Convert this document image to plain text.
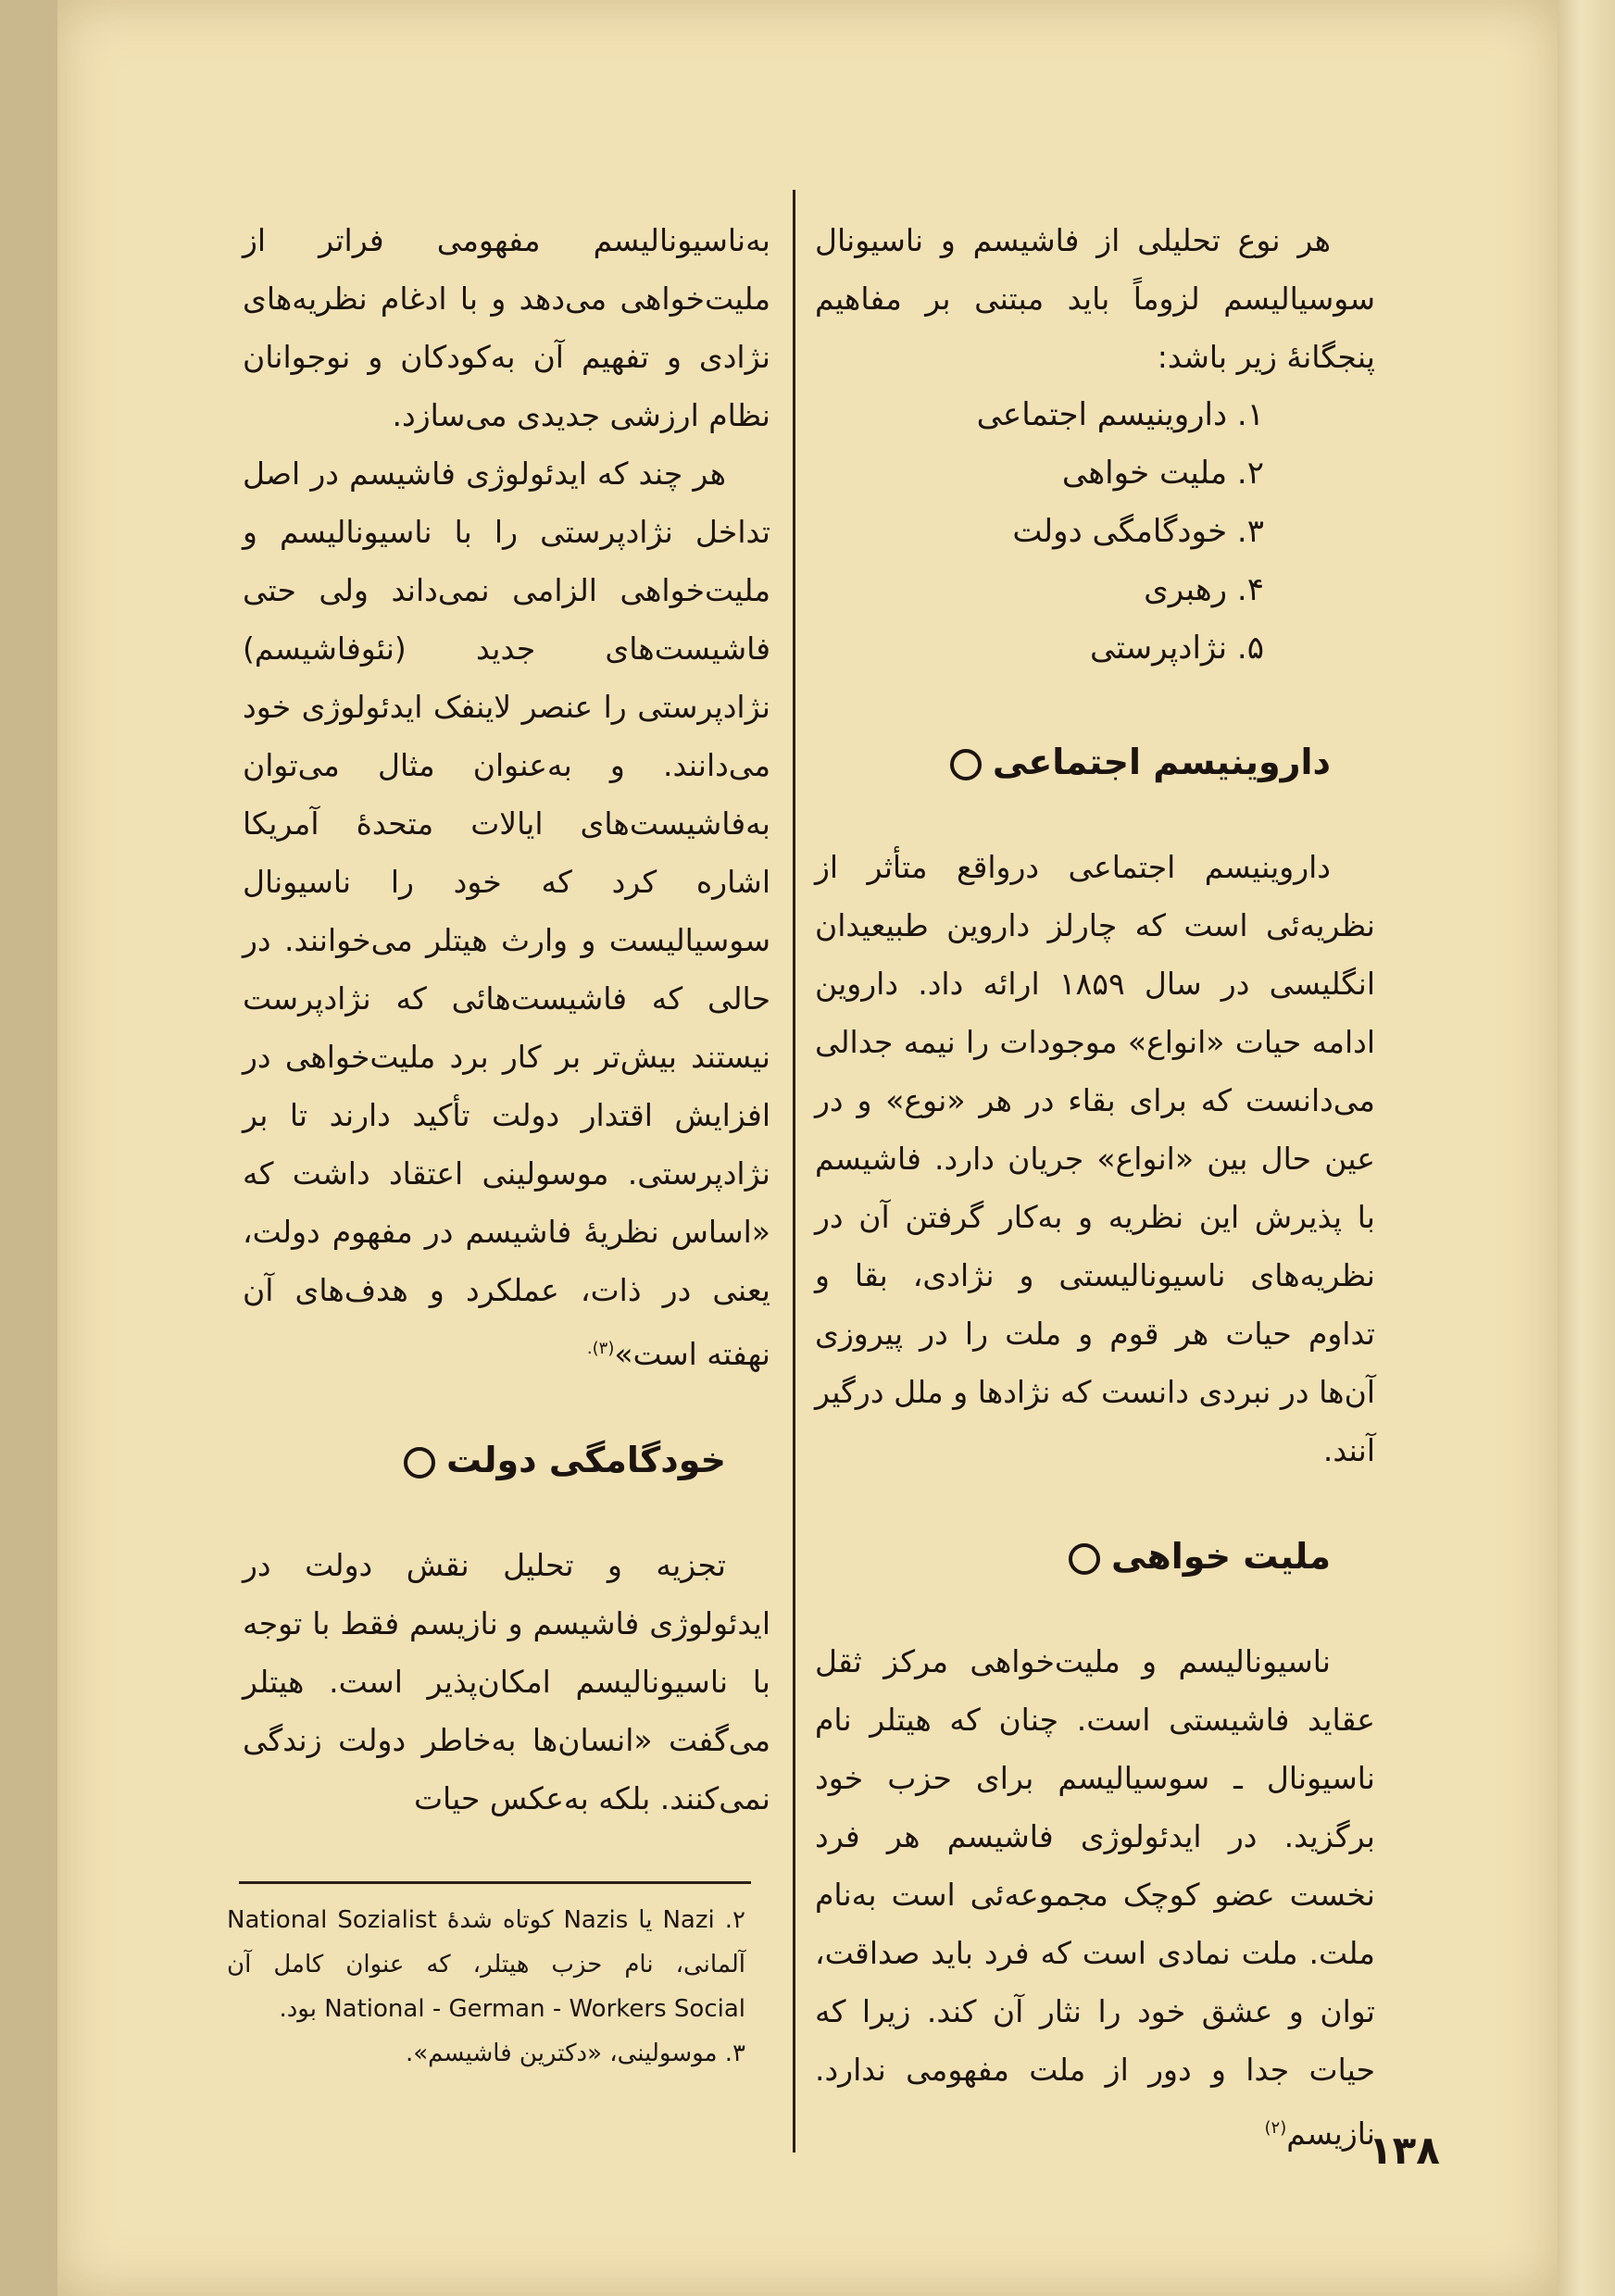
هر نوع تحلیلی از فاشیسم و ناسیونال سوسیالیسم لزوماً باید مبتنی بر مفاهیم پنجگانهٔ زیر باشد:

۱. داروینیسم اجتماعی
۲. ملیت خواهی
۳. خودگامگی دولت
۴. رهبری
۵. نژادپرستی

داروینیسم اجتماعی

داروینیسم اجتماعی درواقع متأثر از نظریه‌ئی است که چارلز داروین طبیعیدان انگلیسی در سال ۱۸۵۹ ارائه داد. داروین ادامه حیات «انواع» موجودات را نیمه جدالی می‌دانست که برای بقاء در هر «نوع» و در عین حال بین «انواع» جریان دارد. فاشیسم با پذیرش این نظریه و به‌کار گرفتن آن در نظریه‌های ناسیونالیستی و نژادی، بقا و تداوم حیات هر قوم و ملت را در پیروزی آن‌ها در نبردی دانست که نژادها و ملل درگیر آنند.

ملیت خواهی

ناسیونالیسم و ملیت‌خواهی مرکز ثقل عقاید فاشیستی است. چنان که هیتلر نام ناسیونال ـ سوسیالیسم برای حزب خود برگزید. در ایدئولوژی فاشیسم هر فرد نخست عضو کوچک مجموعه‌ئی است به‌نام ملت. ملت نمادی است که فرد باید صداقت، توان و عشق خود را نثار آن کند. زیرا که حیات جدا و دور از ملت مفهومی ندارد. نازیسم$^{(۲)}$

به‌ناسیونالیسم مفهومی فراتر از ملیت‌خواهی می‌دهد و با ادغام نظریه‌های نژادی و تفهیم آن به‌کودکان و نوجوانان نظام ارزشی جدیدی می‌سازد.

هر چند که ایدئولوژی فاشیسم در اصل تداخل نژادپرستی را با ناسیونالیسم و ملیت‌خواهی الزامی نمی‌داند ولی حتی فاشیست‌های جدید (نئوفاشیسم) نژادپرستی را عنصر لاینفک ایدئولوژی خود می‌دانند. و به‌عنوان مثال می‌توان به‌فاشیست‌های ایالات متحدهٔ آمریکا اشاره کرد که خود را ناسیونال سوسیالیست و وارث هیتلر می‌خوانند. در حالی که فاشیست‌هائی که نژادپرست نیستند بیش‌تر بر کار برد ملیت‌خواهی در افزایش اقتدار دولت تأکید دارند تا بر نژادپرستی. موسولینی اعتقاد داشت که «اساس نظریهٔ فاشیسم در مفهوم دولت، یعنی در ذات، عملکرد و هدف‌های آن نهفته است»$^{(۳).}$

خودگامگی دولت

تجزیه و تحلیل نقش دولت در ایدئولوژی فاشیسم و نازیسم فقط با توجه با ناسیونالیسم امکان‌پذیر است. هیتلر می‌گفت «انسان‌ها به‌خاطر دولت زندگی نمی‌کنند. بلکه به‌عکس حیات

۲. Nazi یا Nazis کوتاه شدهٔ National Sozialist آلمانی، نام حزب هیتلر، که عنوان کامل آن National - German - Workers Social بود.

۳. موسولینی، «دکترین فاشیسم».

۱۳۸
